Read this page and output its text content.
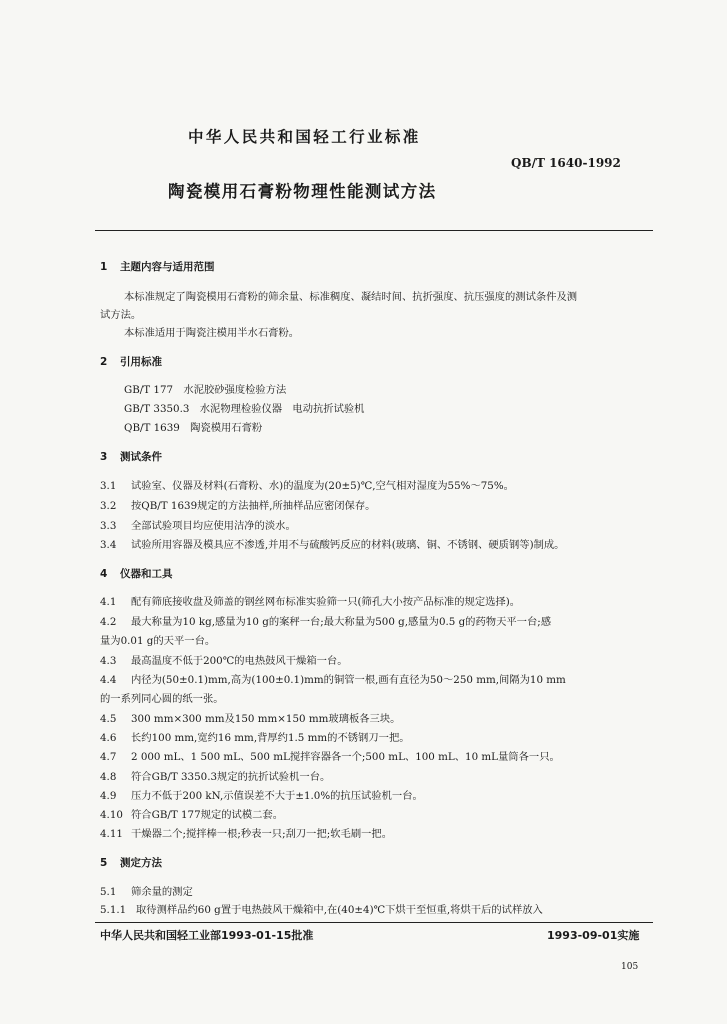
中华人民共和国轻工行业标准
QB/T 1640-1992
陶瓷模用石膏粉物理性能测试方法
1 主题内容与适用范围
本标准规定了陶瓷模用石膏粉的筛余量、标准稠度、凝结时间、抗折强度、抗压强度的测试条件及测
试方法。
本标准适用于陶瓷注模用半水石膏粉。
2 引用标准
GB/T 177　 水泥胶砂强度检验方法
GB/T 3350.3　 水泥物理检验仪器　电动抗折试验机
QB/T 1639　 陶瓷模用石膏粉
3 测试条件
3.1 试验室、仪器及材料(石膏粉、水)的温度为(20±5)℃,空气相对湿度为55%～75%。
3.2 按QB/T 1639规定的方法抽样,所抽样品应密闭保存。
3.3 全部试验项目均应使用洁净的淡水。
3.4 试验所用容器及模具应不渗透,并用不与硫酸钙反应的材料(玻璃、铜、不锈钢、硬质钢等)制成。
4 仪器和工具
4.1 配有筛底接收盘及筛盖的钢丝网布标准实验筛一只(筛孔大小按产品标准的规定选择)。
4.2 最大称量为10 kg,感量为10 g的案秤一台;最大称量为500 g,感量为0.5 g的药物天平一台;感
量为0.01 g的天平一台。
4.3 最高温度不低于200℃的电热鼓风干燥箱一台。
4.4 内径为(50±0.1)mm,高为(100±0.1)mm的铜管一根,画有直径为50～250 mm,间隔为10 mm
的一系列同心圆的纸一张。
4.5 300 mm×300 mm及150 mm×150 mm玻璃板各三块。
4.6 长约100 mm,宽约16 mm,背厚约1.5 mm的不锈钢刀一把。
4.7 2 000 mL、1 500 mL、500 mL搅拌容器各一个;500 mL、100 mL、10 mL量筒各一只。
4.8 符合GB/T 3350.3规定的抗折试验机一台。
4.9 压力不低于200 kN,示值误差不大于±1.0%的抗压试验机一台。
4.10 符合GB/T 177规定的试模二套。
4.11 干燥器二个;搅拌棒一根;秒表一只;刮刀一把;软毛刷一把。
5 测定方法
5.1 筛余量的测定
5.1.1 取待测样品约60 g置于电热鼓风干燥箱中,在(40±4)℃下烘干至恒重,将烘干后的试样放入
中华人民共和国轻工业部1993-01-15批准	1993-09-01实施
105
